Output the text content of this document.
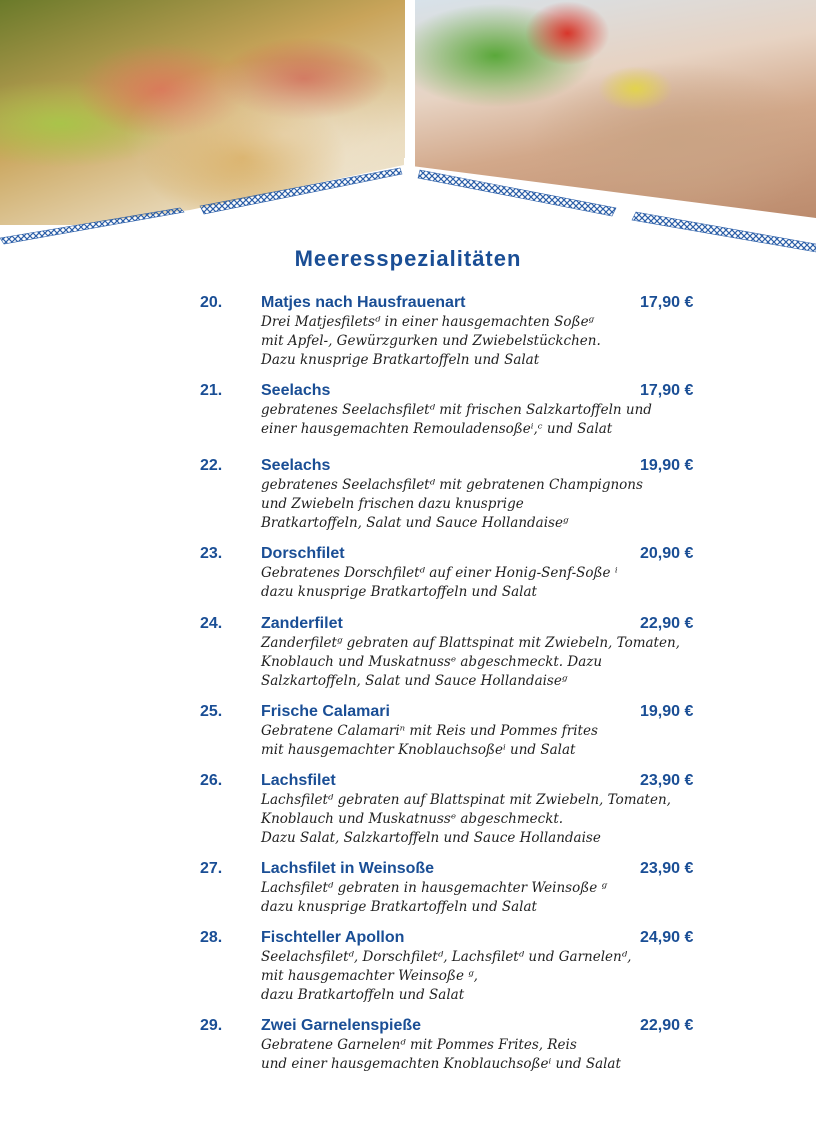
Meeresspezialitäten
20. Matjes nach Hausfrauenart	17,90 €
Drei Matjesfiletsᵈ in einer hausgemachten Soßeᵍ
mit Apfel-, Gewürzgurken und Zwiebelstückchen.
Dazu knusprige Bratkartoffeln und Salat
21. Seelachs	17,90 €
gebratenes Seelachsfiletᵈ mit frischen Salzkartoffeln und
einer hausgemachten Remouladensoßeⁱ,ᶜ und Salat
22. Seelachs	19,90 €
gebratenes Seelachsfiletᵈ mit gebratenen Champignons
und Zwiebeln frischen dazu knusprige
Bratkartoffeln, Salat und Sauce Hollandaiseᵍ
23. Dorschfilet	20,90 €
Gebratenes Dorschfiletᵈ auf einer Honig-Senf-Soße ⁱ
dazu knusprige Bratkartoffeln und Salat
24. Zanderfilet	22,90 €
Zanderfiletᵍ gebraten auf Blattspinat mit Zwiebeln, Tomaten,
Knoblauch und Muskatnussᵉ abgeschmeckt. Dazu
Salzkartoffeln, Salat und Sauce Hollandaiseᵍ
25. Frische Calamari	19,90 €
Gebratene Calamariⁿ mit Reis und Pommes frites
mit hausgemachter Knoblauchsoßeⁱ und Salat
26. Lachsfilet	23,90 €
Lachsfiletᵈ gebraten auf Blattspinat mit Zwiebeln, Tomaten,
Knoblauch und Muskatnussᵉ abgeschmeckt.
Dazu Salat, Salzkartoffeln und Sauce Hollandaise
27. Lachsfilet in Weinsoße	23,90 €
Lachsfiletᵈ gebraten in hausgemachter Weinsoße ᵍ
dazu knusprige Bratkartoffeln und Salat
28. Fischteller Apollon	24,90 €
Seelachsfiletᵈ, Dorschfiletᵈ, Lachsfiletᵈ und Garnelenᵈ,
mit hausgemachter Weinsoße ᵍ,
dazu Bratkartoffeln und Salat
29. Zwei Garnelenspieße	22,90 €
Gebratene Garnelenᵈ mit Pommes Frites, Reis
und einer hausgemachten Knoblauchsoßeⁱ und Salat
